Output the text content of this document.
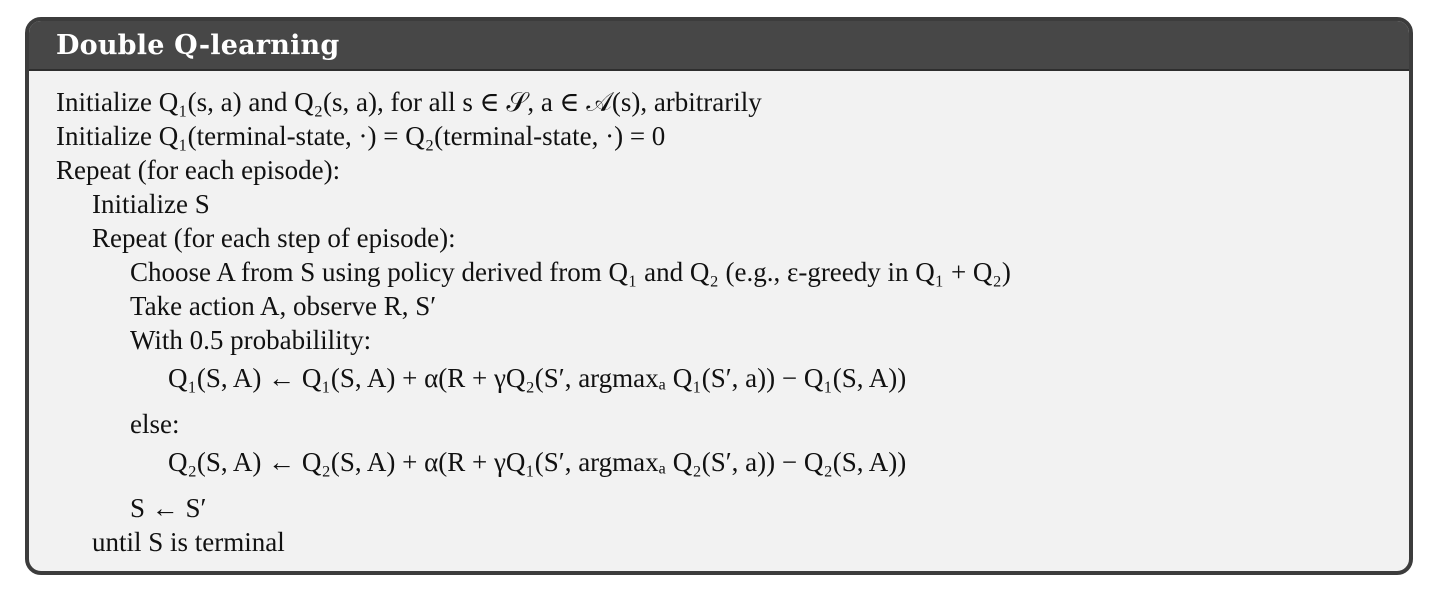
Double Q-learning
Initialize Q₁(s, a) and Q₂(s, a), for all s ∈ 𝒮, a ∈ 𝒜(s), arbitrarily
Initialize Q₁(terminal-state, ·) = Q₂(terminal-state, ·) = 0
Repeat (for each episode):
Initialize S
Repeat (for each step of episode):
Choose A from S using policy derived from Q₁ and Q₂ (e.g., ε-greedy in Q₁ + Q₂)
Take action A, observe R, S′
With 0.5 probabilility:
Q₁(S, A) ← Q₁(S, A) + α(R + γQ₂(S′, argmaxₐ Q₁(S′, a)) − Q₁(S, A))
else:
Q₂(S, A) ← Q₂(S, A) + α(R + γQ₁(S′, argmaxₐ Q₂(S′, a)) − Q₂(S, A))
S ← S′
until S is terminal
